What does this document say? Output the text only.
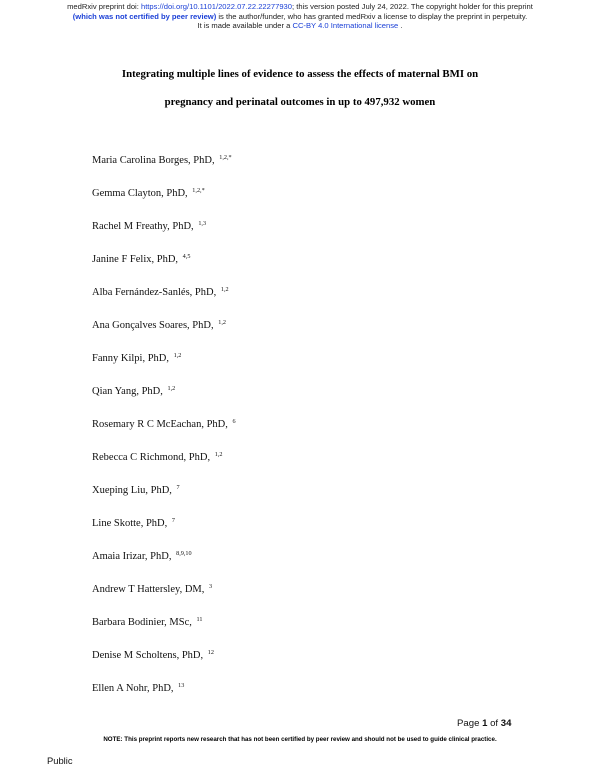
medRxiv preprint doi: https://doi.org/10.1101/2022.07.22.22277930; this version posted July 24, 2022. The copyright holder for this preprint
(which was not certified by peer review) is the author/funder, who has granted medRxiv a license to display the preprint in perpetuity.
It is made available under a CC-BY 4.0 International license .
Integrating multiple lines of evidence to assess the effects of maternal BMI on
pregnancy and perinatal outcomes in up to 497,932 women
Maria Carolina Borges, PhD, $^{1,2,*}$
Gemma Clayton, PhD, $^{1,2,*}$
Rachel M Freathy, PhD, $^{1,3}$
Janine F Felix, PhD, $^{4,5}$
Alba Fernández-Sanlés, PhD, $^{1,2}$
Ana Gonçalves Soares, PhD, $^{1,2}$
Fanny Kilpi, PhD, $^{1,2}$
Qian Yang, PhD, $^{1,2}$
Rosemary R C McEachan, PhD, $^6$
Rebecca C Richmond, PhD, $^{1,2}$
Xueping Liu, PhD, $^7$
Line Skotte, PhD, $^7$
Amaia Irizar, PhD, $^{8,9,10}$
Andrew T Hattersley, DM, $^3$
Barbara Bodinier, MSc, $^{11}$
Denise M Scholtens, PhD, $^{12}$
Ellen A Nohr, PhD, $^{13}$
Page 1 of 34
NOTE: This preprint reports new research that has not been certified by peer review and should not be used to guide clinical practice.
Public
